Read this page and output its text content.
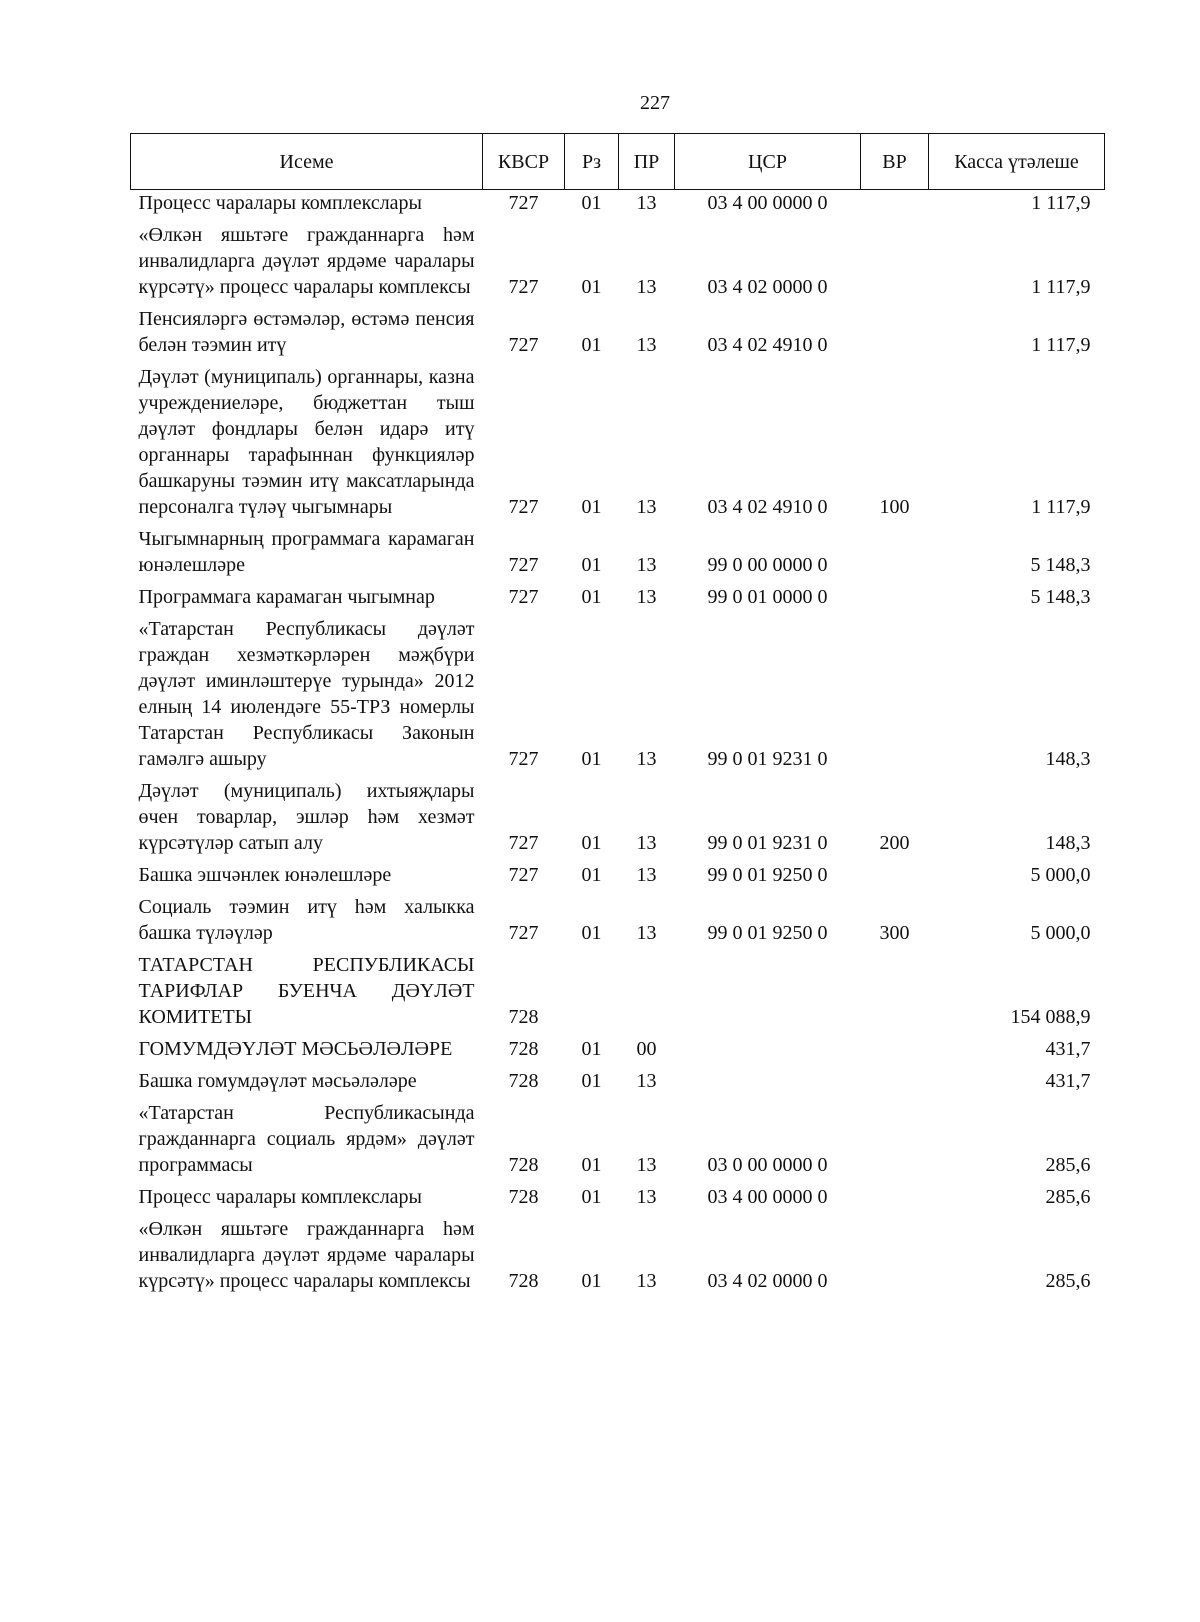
227
Исеме	КВСР	Рз	ПР	ЦСР	ВР	Касса үтәлеше
Процесс чаралары комплекслары	727	01	13	03 4 00 0000 0		1 117,9
«Өлкән яшьтәге гражданнарга һәм инвалидларга дәүләт ярдәме чаралары күрсәтү» процесс чаралары комплексы	727	01	13	03 4 02 0000 0		1 117,9
Пенсияләргә өстәмәләр, өстәмә пенсия белән тәэмин итү	727	01	13	03 4 02 4910 0		1 117,9
Дәүләт (муниципаль) органнары, казна учреждениеләре, бюджеттан тыш дәүләт фондлары белән идарә итү органнары тарафыннан функцияләр башкаруны тәэмин итү максатларында персоналга түләү чыгымнары	727	01	13	03 4 02 4910 0	100	1 117,9
Чыгымнарның программага карамаган юнәлешләре	727	01	13	99 0 00 0000 0		5 148,3
Программага карамаган чыгымнар	727	01	13	99 0 01 0000 0		5 148,3
«Татарстан Республикасы дәүләт граждан хезмәткәрләрен мәҗбүри дәүләт иминләштерүе турында» 2012 елның 14 июлендәге 55-ТРЗ номерлы Татарстан Республикасы Законын гамәлгә ашыру	727	01	13	99 0 01 9231 0		148,3
Дәүләт (муниципаль) ихтыяҗлары өчен товарлар, эшләр һәм хезмәт күрсәтүләр сатып алу	727	01	13	99 0 01 9231 0	200	148,3
Башка эшчәнлек юнәлешләре	727	01	13	99 0 01 9250 0		5 000,0
Социаль тәэмин итү һәм халыкка башка түләүләр	727	01	13	99 0 01 9250 0	300	5 000,0
ТАТАРСТАН РЕСПУБЛИКАСЫ ТАРИФЛАР БУЕНЧА ДӘҮЛӘТ КОМИТЕТЫ	728					154 088,9
ГОМУМДӘҮЛӘТ МӘСЬӘЛӘЛӘРЕ	728	01	00			431,7
Башка гомумдәүләт мәсьәләләре	728	01	13			431,7
«Татарстан Республикасында гражданнарга социаль ярдәм» дәүләт программасы	728	01	13	03 0 00 0000 0		285,6
Процесс чаралары комплекслары	728	01	13	03 4 00 0000 0		285,6
«Өлкән яшьтәге гражданнарга һәм инвалидларга дәүләт ярдәме чаралары күрсәтү» процесс чаралары комплексы	728	01	13	03 4 02 0000 0		285,6
